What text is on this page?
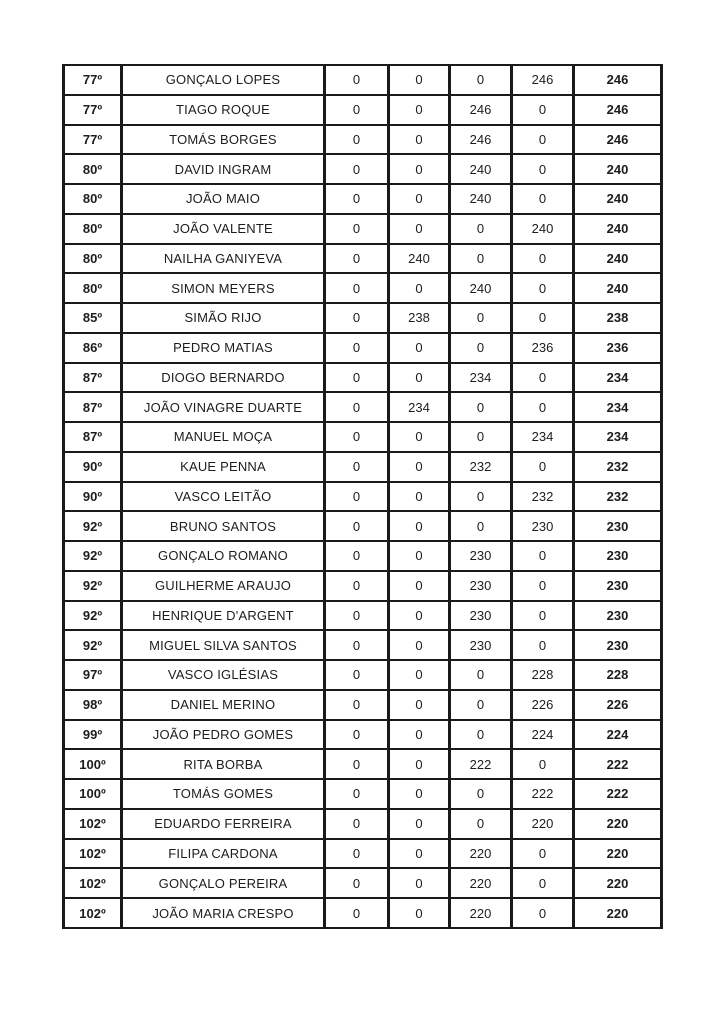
77º	GONÇALO LOPES	0	0	0	246	246
77º	TIAGO ROQUE	0	0	246	0	246
77º	TOMÁS BORGES	0	0	246	0	246
80º	DAVID INGRAM	0	0	240	0	240
80º	JOÃO MAIO	0	0	240	0	240
80º	JOÃO VALENTE	0	0	0	240	240
80º	NAILHA GANIYEVA	0	240	0	0	240
80º	SIMON MEYERS	0	0	240	0	240
85º	SIMÃO RIJO	0	238	0	0	238
86º	PEDRO MATIAS	0	0	0	236	236
87º	DIOGO BERNARDO	0	0	234	0	234
87º	JOÃO VINAGRE DUARTE	0	234	0	0	234
87º	MANUEL MOÇA	0	0	0	234	234
90º	KAUE PENNA	0	0	232	0	232
90º	VASCO LEITÃO	0	0	0	232	232
92º	BRUNO SANTOS	0	0	0	230	230
92º	GONÇALO ROMANO	0	0	230	0	230
92º	GUILHERME ARAUJO	0	0	230	0	230
92º	HENRIQUE D'ARGENT	0	0	230	0	230
92º	MIGUEL SILVA SANTOS	0	0	230	0	230
97º	VASCO IGLÉSIAS	0	0	0	228	228
98º	DANIEL MERINO	0	0	0	226	226
99º	JOÃO PEDRO GOMES	0	0	0	224	224
100º	RITA BORBA	0	0	222	0	222
100º	TOMÁS GOMES	0	0	0	222	222
102º	EDUARDO FERREIRA	0	0	0	220	220
102º	FILIPA CARDONA	0	0	220	0	220
102º	GONÇALO PEREIRA	0	0	220	0	220
102º	JOÃO MARIA CRESPO	0	0	220	0	220
